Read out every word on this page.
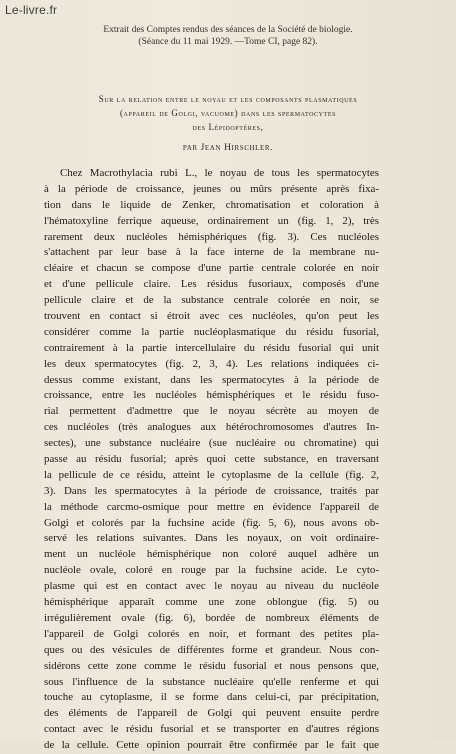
Le-livre.fr
Extrait des Comptes rendus des séances de la Société de biologie.
(Séance du 11 mai 1929. —Tome CI, page 82).
Sur la relation entre le noyau et les composants plasmatiques
(appareil de Golgi, vacuome) dans les spermatocytes
des Lépidoptères,
par Jean Hirschler.
Chez Macrothylacia rubi L., le noyau de tous les spermatocytes
à la période de croissance, jeunes ou mûrs présente après fixa-
tion dans le liquide de Zenker, chromatisation et coloration à
l'hématoxyline ferrique aqueuse, ordinairement un (fig. 1, 2), très
rarement deux nucléoles hémisphériques (fig. 3). Ces nucléoles
s'attachent par leur base à la face interne de la membrane nu-
cléaire et chacun se compose d'une partie centrale colorée en noir
et d'une pellicule claire. Les résidus fusoriaux, composés d'une
pellicule claire et de la substance centrale colorée en noir, se
trouvent en contact si étroit avec ces nucléoles, qu'on peut les
considérer comme la partie nucléoplasmatique du résidu fusorial,
contrairement à la partie intercellulaire du résidu fusorial qui unit
les deux spermatocytes (fig. 2, 3, 4). Les relations indiquées ci-
dessus comme existant, dans les spermatocytes à la période de
croissance, entre les nucléoles hémisphériques et le résidu fuso-
rial permettent d'admettre que le noyau sécrète au moyen de
ces nucléoles (très analogues aux hétérochromosomes d'autres In-
sectes), une substance nucléaire (sue nucléaire ou chromatine) qui
passe au résidu fusorial; après quoi cette substance, en traversant
la pellicule de ce résidu, atteint le cytoplasme de la cellule (fig. 2,
3). Dans les spermatocytes à la période de croissance, traités par
la méthode carcmo-osmique pour mettre en évidence l'appareil de
Golgi et colorés par la fuchsine acide (fig. 5, 6), nous avons ob-
servé les relations suivantes. Dans les noyaux, on voit ordinaire-
ment un nucléole hémisphérique non coloré auquel adhère un
nucléole ovale, coloré en rouge par la fuchsine acide. Le cyto-
plasme qui est en contact avec le noyau au niveau du nucléole
hémisphérique apparaît comme une zone oblongue (fig. 5) ou
irrégulièrement ovale (fig. 6), bordée de nombreux éléments de
l'appareil de Golgi colorés en noir, et formant des petites pla-
ques ou des vésicules de différentes forme et grandeur. Nous con-
sidérons cette zone comme le résidu fusorial et nous pensons que,
sous l'influence de la substance nucléaire qu'elle renferme et qui
touche au cytoplasme, il se forme dans celui-ci, par précipitation,
des éléments de l'appareil de Golgi qui peuvent ensuite perdre
contact avec le résidu fusorial et se transporter en d'autres régions
de la cellule. Cette opinion pourrait être confirmée par le fait que
